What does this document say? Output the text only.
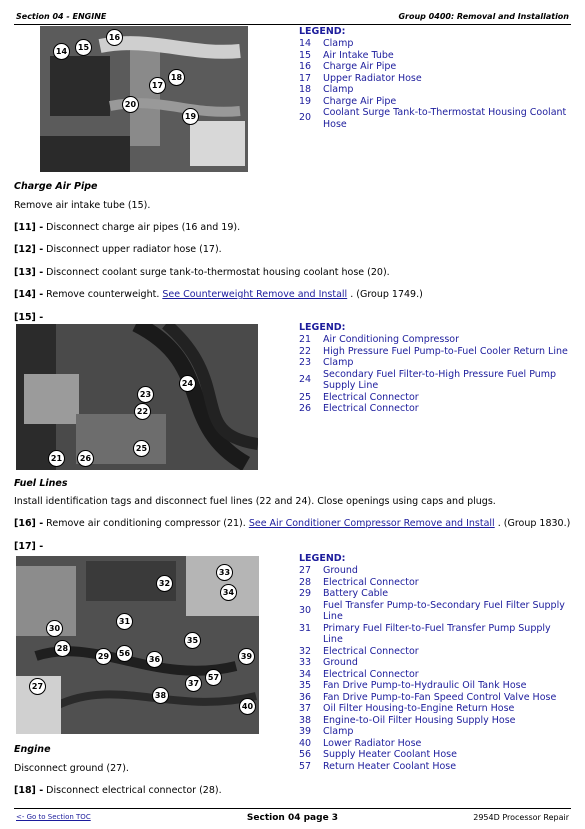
Section 04 - ENGINE	Group 0400: Removal and Installation
14	15
16
17
18
19
20
LEGEND:
14	Clamp
15	Air Intake Tube
16	Charge Air Pipe
17	Upper Radiator Hose
18	Clamp
19	Charge Air Pipe
20	Coolant Surge Tank-to-Thermostat Housing Coolant Hose
Charge Air Pipe
Remove air intake tube (15).
[11] - Disconnect charge air pipes (16 and 19).
[12] - Disconnect upper radiator hose (17).
[13] - Disconnect coolant surge tank-to-thermostat housing coolant hose (20).
[14] - Remove counterweight. See Counterweight Remove and Install . (Group 1749.)
[15] -
24
23
22
25
21	26
LEGEND:
21	Air Conditioning Compressor
22	High Pressure Fuel Pump-to-Fuel Cooler Return Line
23	Clamp
24	Secondary Fuel Filter-to-High Pressure Fuel Pump Supply Line
25	Electrical Connector
26	Electrical Connector
Fuel Lines
Install identification tags and disconnect fuel lines (22 and 24). Close openings using caps and plugs.
[16] - Remove air conditioning compressor (21). See Air Conditioner Compressor Remove and Install . (Group 1830.)
[17] -
33
32
34
31
30
28
29	56
35
36	39
27
57
37
38
40
LEGEND:
27	Ground
28	Electrical Connector
29	Battery Cable
30	Fuel Transfer Pump-to-Secondary Fuel Filter Supply Line
31	Primary Fuel Filter-to-Fuel Transfer Pump Supply Line
32	Electrical Connector
33	Ground
34	Electrical Connector
35	Fan Drive Pump-to-Hydraulic Oil Tank Hose
36	Fan Drive Pump-to-Fan Speed Control Valve Hose
37	Oil Filter Housing-to-Engine Return Hose
38	Engine-to-Oil Filter Housing Supply Hose
39	Clamp
40	Lower Radiator Hose
56	Supply Heater Coolant Hose
57	Return Heater Coolant Hose
Engine
Disconnect ground (27).
[18] - Disconnect electrical connector (28).
<- Go to Section TOC	Section 04 page 3	2954D Processor Repair
